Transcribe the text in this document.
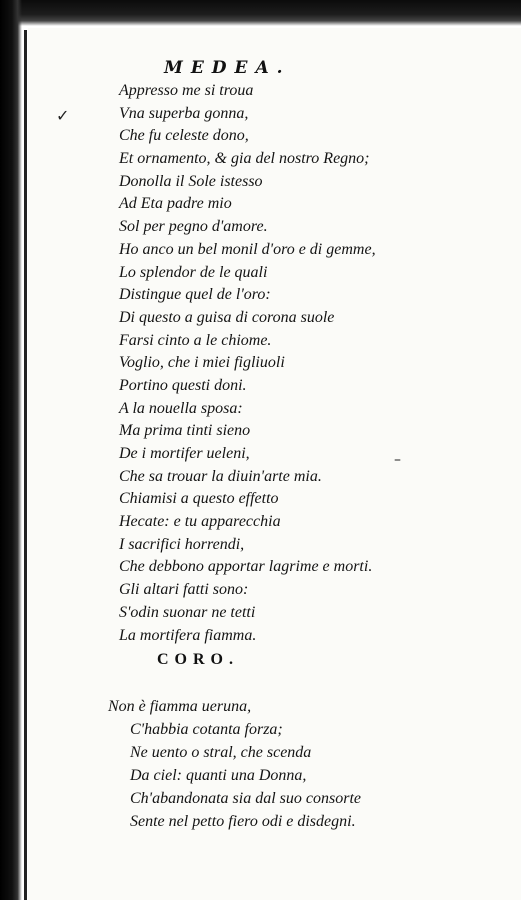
MEDEA.
Appresso me si troua
Vna superba gonna,
Che fu celeste dono,
Et ornamento, & gia del nostro Regno;
Donolla il Sole istesso
Ad Eta padre mio
Sol per pegno d'amore.
Ho anco un bel monil d'oro e di gemme,
Lo splendor de le quali
Distingue quel de l'oro:
Di questo a guisa di corona suole
Farsi cinto a le chiome.
Voglio, che i miei figliuoli
Portino questi doni.
A la nouella sposa:
Ma prima tinti sieno
De i mortifer ueleni,
Che sa trouar la diuin'arte mia.
Chiamisi a questo effetto
Hecate: e tu apparecchia
I sacrifici horrendi,
Che debbono apportar lagrime e morti.
Gli altari fatti sono:
S'odin suonar ne tetti
La mortifera fiamma.
✓
–
CORO.
Non è fiamma ueruna,
C'habbia cotanta forza;
Ne uento o stral, che scenda
Da ciel: quanti una Donna,
Ch'abandonata sia dal suo consorte
Sente nel petto fiero odi e disdegni.
